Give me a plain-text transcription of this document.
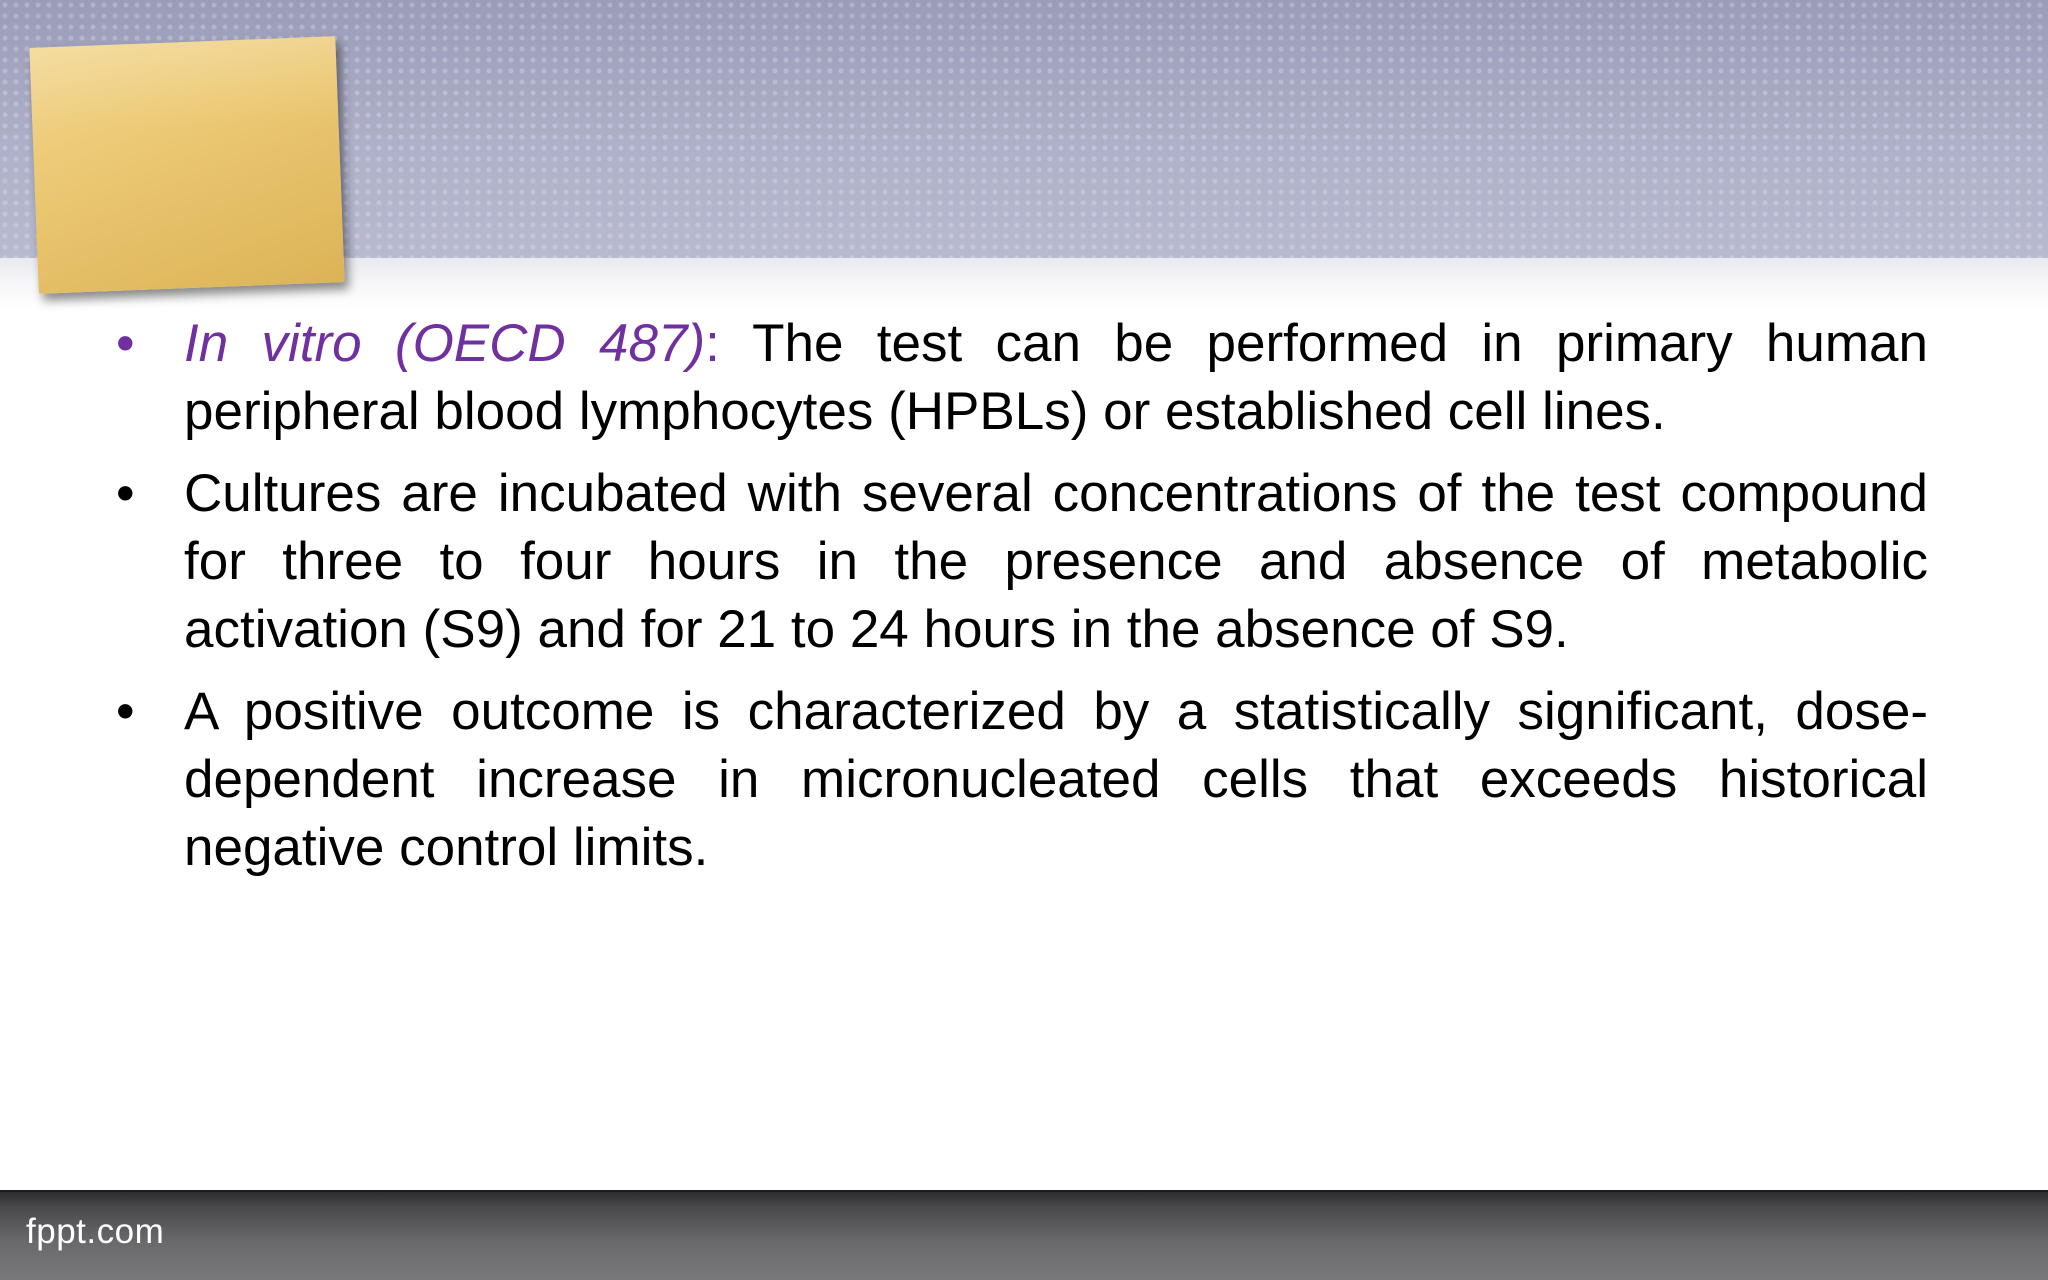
• In vitro (OECD 487): The test can be performed in primary human peripheral blood lymphocytes (HPBLs) or established cell lines.
• Cultures are incubated with several concentrations of the test compound for three to four hours in the presence and absence of metabolic activation (S9) and for 21 to 24 hours in the absence of S9.
• A positive outcome is characterized by a statistically significant, dose-dependent increase in micronucleated cells that exceeds historical negative control limits.
fppt.com
